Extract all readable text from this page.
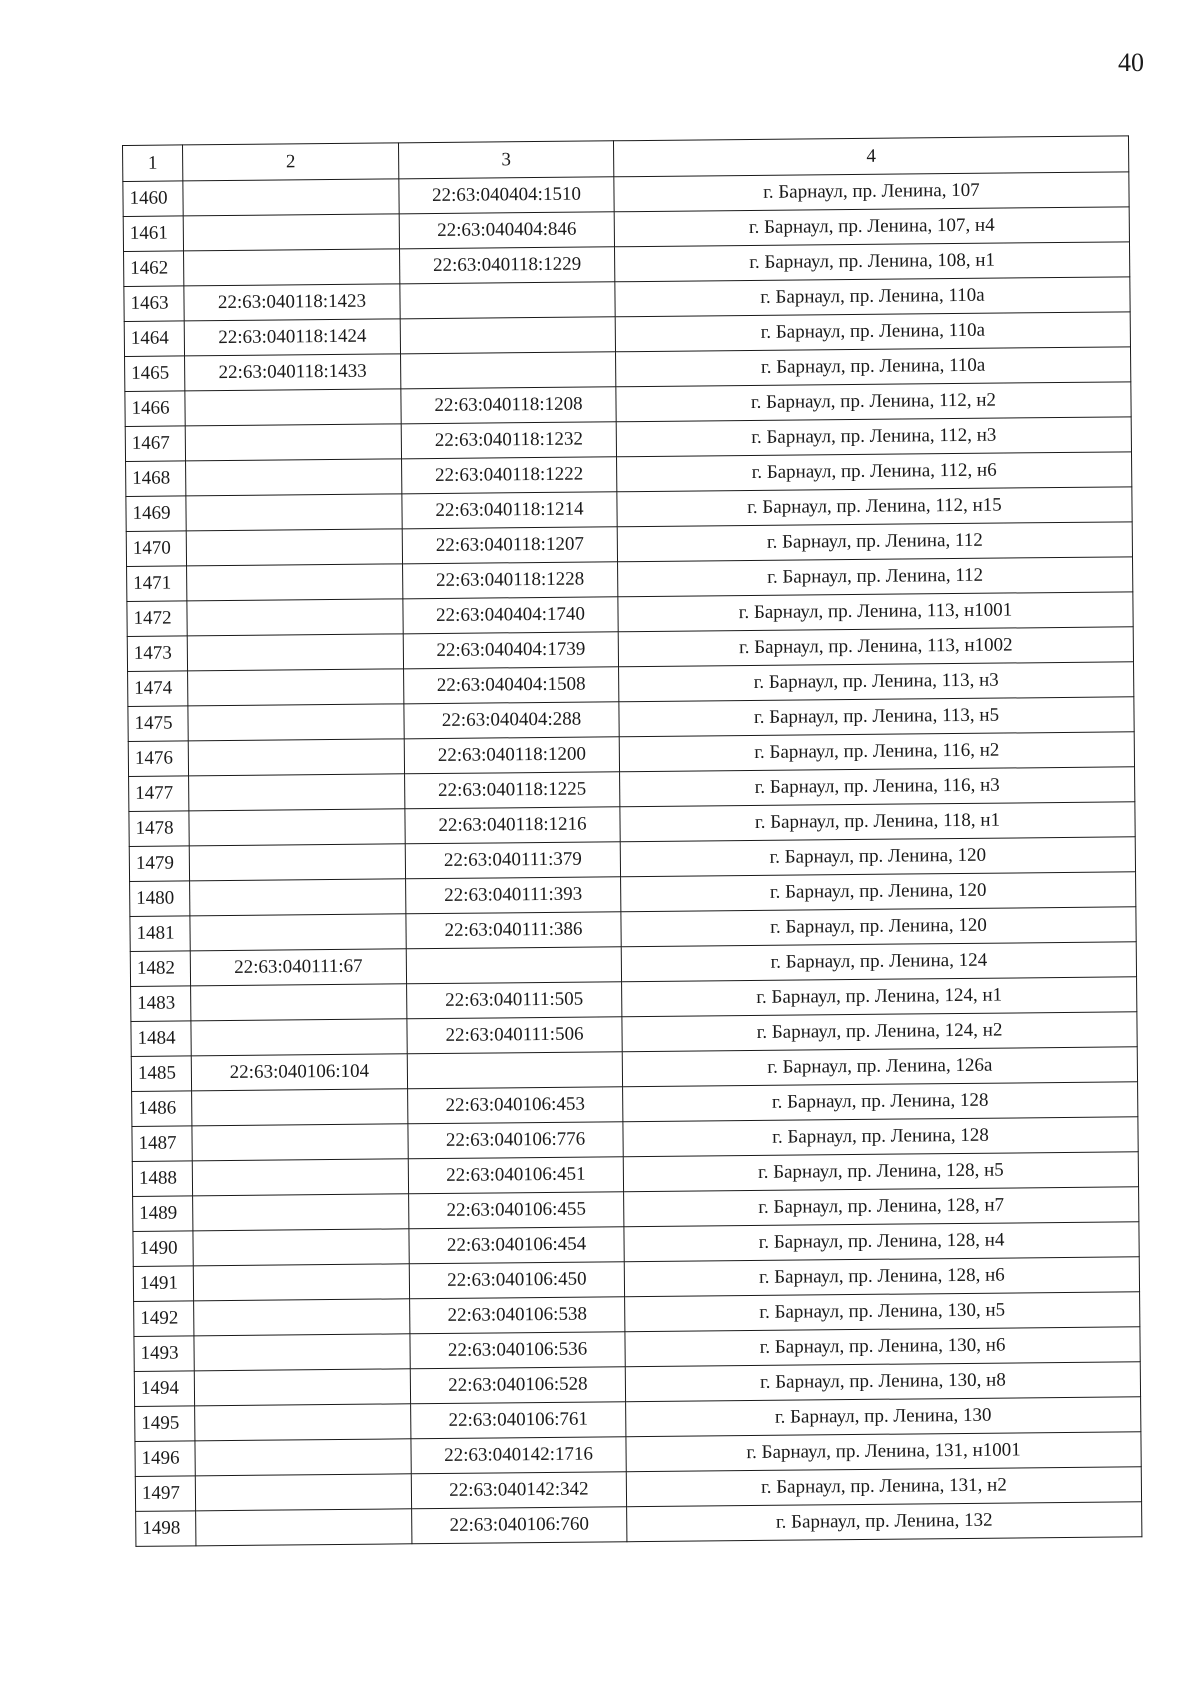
40
1	2	3	4
1460		22:63:040404:1510	г. Барнаул, пр. Ленина, 107
1461		22:63:040404:846	г. Барнаул, пр. Ленина, 107, н4
1462		22:63:040118:1229	г. Барнаул, пр. Ленина, 108, н1
1463	22:63:040118:1423		г. Барнаул, пр. Ленина, 110а
1464	22:63:040118:1424		г. Барнаул, пр. Ленина, 110а
1465	22:63:040118:1433		г. Барнаул, пр. Ленина, 110а
1466		22:63:040118:1208	г. Барнаул, пр. Ленина, 112, н2
1467		22:63:040118:1232	г. Барнаул, пр. Ленина, 112, н3
1468		22:63:040118:1222	г. Барнаул, пр. Ленина, 112, н6
1469		22:63:040118:1214	г. Барнаул, пр. Ленина, 112, н15
1470		22:63:040118:1207	г. Барнаул, пр. Ленина, 112
1471		22:63:040118:1228	г. Барнаул, пр. Ленина, 112
1472		22:63:040404:1740	г. Барнаул, пр. Ленина, 113, н1001
1473		22:63:040404:1739	г. Барнаул, пр. Ленина, 113, н1002
1474		22:63:040404:1508	г. Барнаул, пр. Ленина, 113, н3
1475		22:63:040404:288	г. Барнаул, пр. Ленина, 113, н5
1476		22:63:040118:1200	г. Барнаул, пр. Ленина, 116, н2
1477		22:63:040118:1225	г. Барнаул, пр. Ленина, 116, н3
1478		22:63:040118:1216	г. Барнаул, пр. Ленина, 118, н1
1479		22:63:040111:379	г. Барнаул, пр. Ленина, 120
1480		22:63:040111:393	г. Барнаул, пр. Ленина, 120
1481		22:63:040111:386	г. Барнаул, пр. Ленина, 120
1482	22:63:040111:67		г. Барнаул, пр. Ленина, 124
1483		22:63:040111:505	г. Барнаул, пр. Ленина, 124, н1
1484		22:63:040111:506	г. Барнаул, пр. Ленина, 124, н2
1485	22:63:040106:104		г. Барнаул, пр. Ленина, 126а
1486		22:63:040106:453	г. Барнаул, пр. Ленина, 128
1487		22:63:040106:776	г. Барнаул, пр. Ленина, 128
1488		22:63:040106:451	г. Барнаул, пр. Ленина, 128, н5
1489		22:63:040106:455	г. Барнаул, пр. Ленина, 128, н7
1490		22:63:040106:454	г. Барнаул, пр. Ленина, 128, н4
1491		22:63:040106:450	г. Барнаул, пр. Ленина, 128, н6
1492		22:63:040106:538	г. Барнаул, пр. Ленина, 130, н5
1493		22:63:040106:536	г. Барнаул, пр. Ленина, 130, н6
1494		22:63:040106:528	г. Барнаул, пр. Ленина, 130, н8
1495		22:63:040106:761	г. Барнаул, пр. Ленина, 130
1496		22:63:040142:1716	г. Барнаул, пр. Ленина, 131, н1001
1497		22:63:040142:342	г. Барнаул, пр. Ленина, 131, н2
1498		22:63:040106:760	г. Барнаул, пр. Ленина, 132
